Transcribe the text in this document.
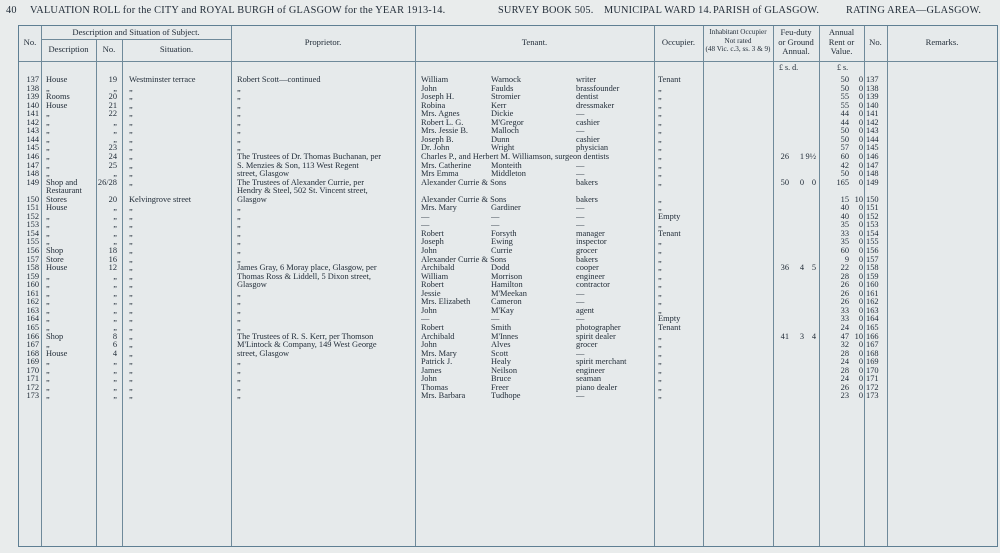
40 VALUATION ROLL for the CITY and ROYAL BURGH of GLASGOW for the YEAR 1913-14.	SURVEY BOOK 505. MUNICIPAL WARD 14. PARISH of GLASGOW.	RATING AREA—GLASGOW.
No.
Description and Situation of Subject.
Description	No.	Situation.
Proprietor.	Tenant.	Occupier.
Inhabitant Occupier
Not rated
(48 Vic. c.3, ss. 3 & 9)
Feu-duty
or Ground
Annual.
Annual
Rent or
Value.
No.	Remarks.
£ s. d.	£ s.
137 House	19 Westminster terrace	Robert Scott—continued	William	Warnock	writer	Tenant	50	0 137
138 „	„ „	„	John	Faulds	brassfounder	„	50	0 138
139 Rooms	20 „	„	Joseph H.	Stromier	dentist	„	55	0 139
140 House	21 „	„	Robina	Kerr	dressmaker	„	55	0 140
141 „	22 „	„	Mrs. Agnes	Dickie	—	„	44	0 141
142 „	„ „	„	Robert L. G.	M'Gregor	cashier	„	44	0 142
143 „	„ „	„	Mrs. Jessie B.	Malloch	—	„	50	0 143
144 „	„ „	„	Joseph B.	Dunn	cashier	„	50	0 144
145 „	23 „	„	Dr. John	Wright	physician	„	57	0 145
146 „	24 „	The Trustees of Dr. Thomas Buchanan, per	Charles P., and Herbert M. Williamson, surgeon dentists	„	26	1 9½	60	0 146
147 „	25 „	S. Menzies & Son, 113 West Regent	Mrs. Catherine	Monteith	—	„	42	0 147
148 „	„ „	street, Glasgow	Mrs Emma	Middleton	—	„	50	0 148
149 Shop and	26/28 „	The Trustees of Alexander Currie, per	Alexander Currie & Sons	bakers	„	50	0 0	165	0 149
Restaurant	Hendry & Steel, 502 St. Vincent street,
150 Stores	20 Kelvingrove street	Glasgow	Alexander Currie & Sons	bakers	„	15 10 150
151 House	„ „	„	Mrs. Mary	Gardiner	—	„	40	0 151
152 „	„ „	„	—	—	—	Empty	40	0 152
153 „	„ „	„	—	—	—	„	35	0 153
154 „	„ „	„	Robert	Forsyth	manager	Tenant	33	0 154
155 „	„ „	„	Joseph	Ewing	inspector	„	35	0 155
156 Shop	18 „	„	John	Currie	grocer	„	60	0 156
157 Store	16 „	„	Alexander Currie & Sons	bakers	„	9	0 157
158 House	12 „	James Gray, 6 Moray place, Glasgow, per	Archibald	Dodd	cooper	„	36	4 5	22	0 158
159 „	„ „	Thomas Ross & Liddell, 5 Dixon street,	William	Morrison	engineer	„	28	0 159
160 „	„ „	Glasgow	Robert	Hamilton	contractor	„	26	0 160
161 „	„ „	„	Jessie	M'Meekan	—	„	26	0 161
162 „	„ „	„	Mrs. Elizabeth	Cameron	—	„	26	0 162
163 „	„ „	„	John	M'Kay	agent	„	33	0 163
164 „	„ „	„	—	—	—	Empty	33	0 164
165 „	„ „	„	Robert	Smith	photographer	Tenant	24	0 165
166 Shop	8 „	The Trustees of R. S. Kerr, per Thomson	Archibald	M'Innes	spirit dealer	„	41	3 4	47 10 166
167 „	6 „	M'Lintock & Company, 149 West George	John	Alves	grocer	„	32	0 167
168 House	4 „	street, Glasgow	Mrs. Mary	Scott	—	„	28	0 168
169 „	„ „	„	Patrick J.	Healy	spirit merchant	„	24	0 169
170 „	„ „	„	James	Neilson	engineer	„	28	0 170
171 „	„ „	„	John	Bruce	seaman	„	24	0 171
172 „	„ „	„	Thomas	Freer	piano dealer	„	26	0 172
173 „	„ „	„	Mrs. Barbara	Tudhope	—	„	23	0 173
